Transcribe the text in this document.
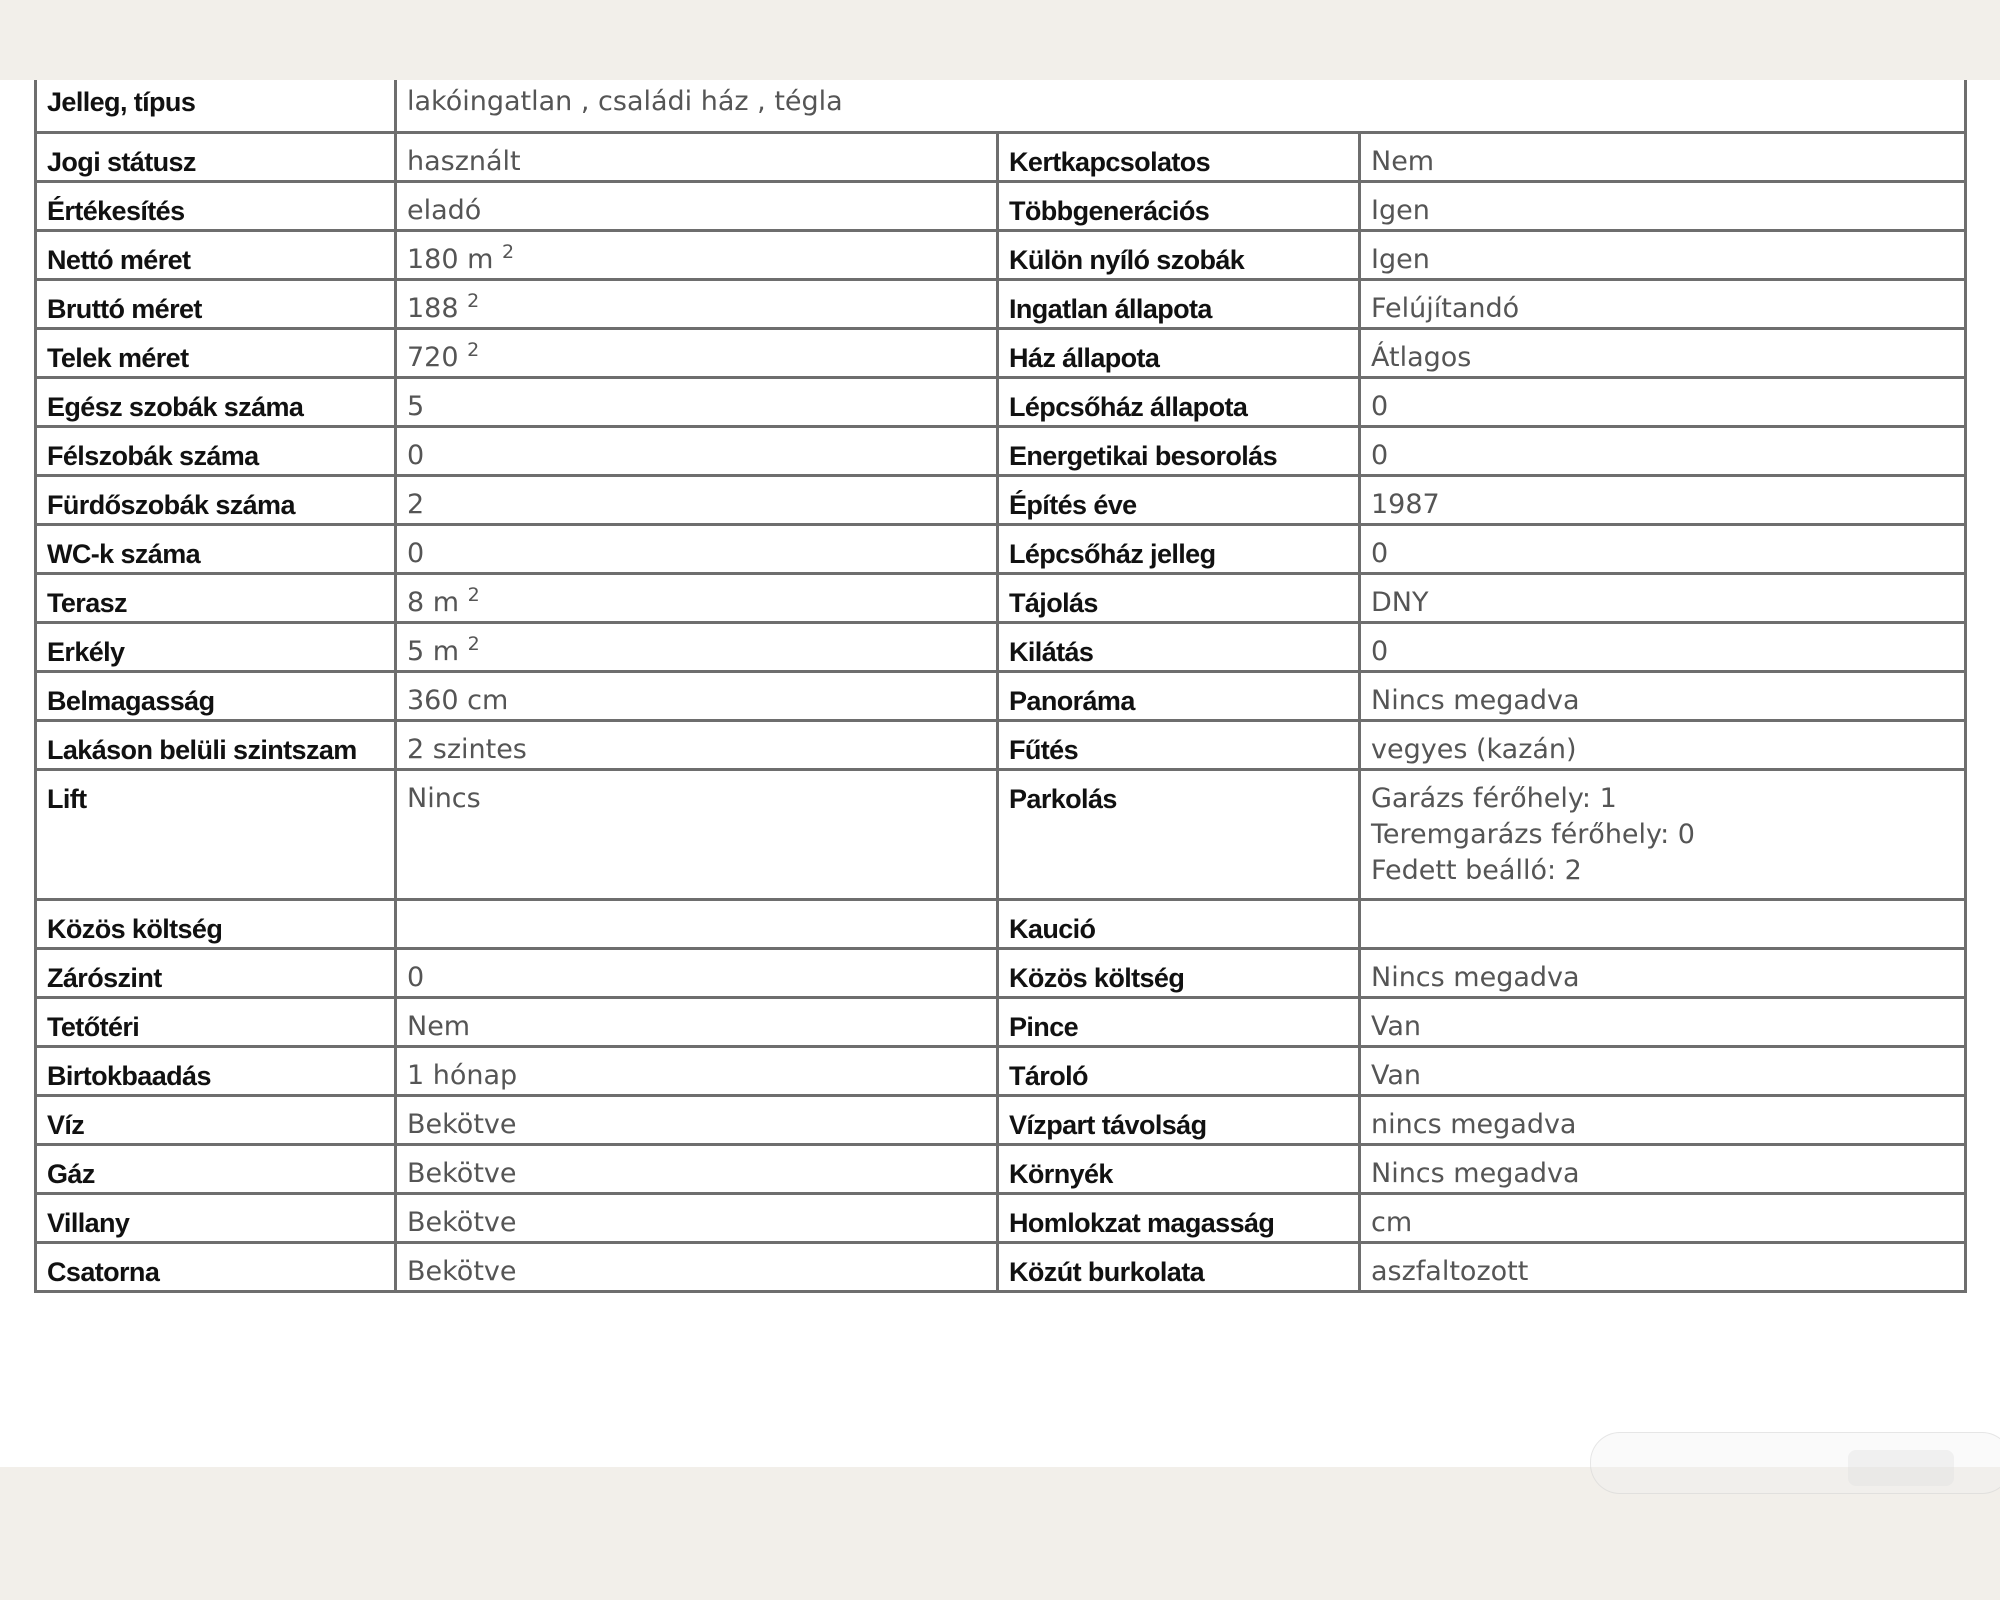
Jelleg, típus	lakóingatlan , családi ház , tégla		
Jogi státusz	használt	Kertkapcsolatos	Nem
Értékesítés	eladó	Többgenerációs	Igen
Nettó méret	180 m $^2$	Külön nyíló szobák	Igen
Bruttó méret	188 $^2$	Ingatlan állapota	Felújítandó
Telek méret	720 $^2$	Ház állapota	Átlagos
Egész szobák száma	5	Lépcsőház állapota	0
Félszobák száma	0	Energetikai besorolás	0
Fürdőszobák száma	2	Építés éve	1987
WC-k száma	0	Lépcsőház jelleg	0
Terasz	8 m $^2$	Tájolás	DNY
Erkély	5 m $^2$	Kilátás	0
Belmagasság	360 cm	Panoráma	Nincs megadva
Lakáson belüli szintszam	2 szintes	Fűtés	vegyes (kazán)
Lift	Nincs	Parkolás	Garázs férőhely: 1
Teremgarázs férőhely: 0
Fedett beálló: 2

Közös költség		Kaució	
Zárószint	0	Közös költség	Nincs megadva
Tetőtéri	Nem	Pince	Van
Birtokbaadás	1 hónap	Tároló	Van
Víz	Bekötve	Vízpart távolság	nincs megadva
Gáz	Bekötve	Környék	Nincs megadva
Villany	Bekötve	Homlokzat magasság	cm
Csatorna	Bekötve	Közút burkolata	aszfaltozott
